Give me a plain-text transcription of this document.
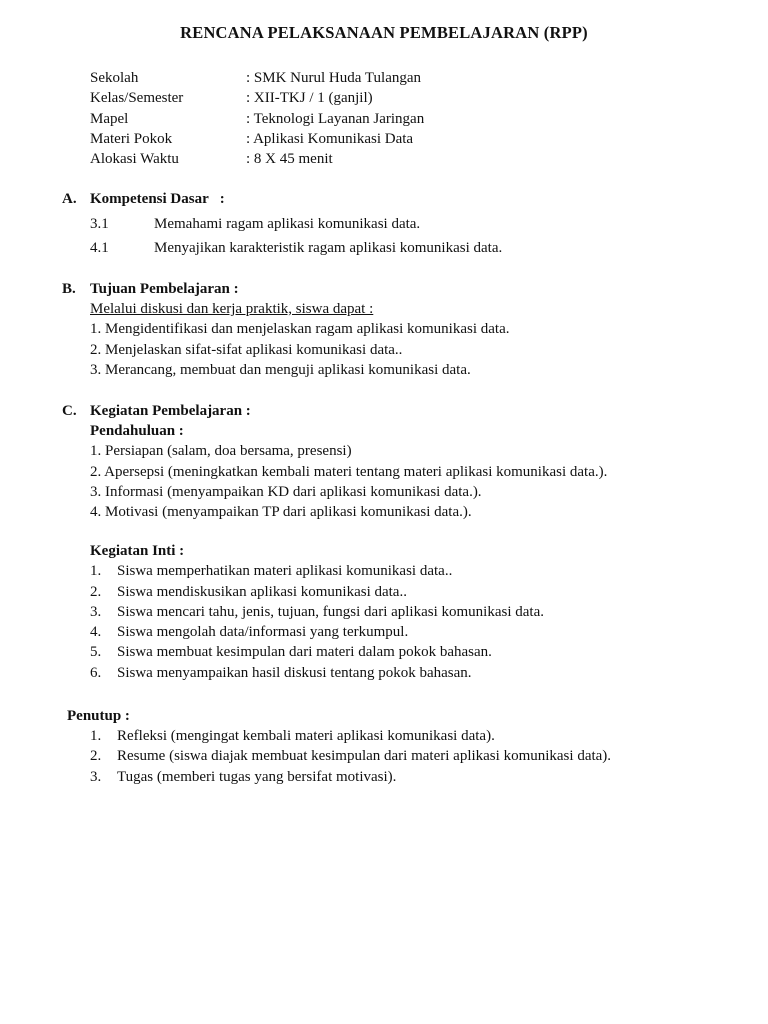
RENCANA PELAKSANAAN PEMBELAJARAN (RPP)
Sekolah	: SMK Nurul Huda Tulangan
Kelas/Semester	: XII-TKJ / 1 (ganjil)
Mapel	: Teknologi Layanan Jaringan
Materi Pokok	: Aplikasi Komunikasi Data
Alokasi Waktu	: 8 X 45 menit
A. Kompetensi Dasar   :
3.1	Memahami ragam aplikasi komunikasi data.
4.1	Menyajikan karakteristik ragam aplikasi komunikasi data.
B. Tujuan Pembelajaran :
Melalui diskusi dan kerja praktik, siswa dapat :
1. Mengidentifikasi dan menjelaskan ragam aplikasi komunikasi data.
2. Menjelaskan sifat-sifat aplikasi komunikasi data..
3. Merancang, membuat dan menguji aplikasi komunikasi data.
C. Kegiatan Pembelajaran :
Pendahuluan :
1. Persiapan (salam, doa bersama, presensi)
2. Apersepsi (meningkatkan kembali materi tentang materi aplikasi komunikasi data.).
3. Informasi (menyampaikan KD dari aplikasi komunikasi data.).
4. Motivasi (menyampaikan TP dari aplikasi komunikasi data.).
Kegiatan Inti :
1. Siswa memperhatikan materi aplikasi komunikasi data..
2. Siswa mendiskusikan aplikasi komunikasi data..
3. Siswa mencari tahu, jenis, tujuan, fungsi dari aplikasi komunikasi data.
4. Siswa mengolah data/informasi yang terkumpul.
5. Siswa membuat kesimpulan dari materi dalam pokok bahasan.
6. Siswa menyampaikan hasil diskusi tentang pokok bahasan.
Penutup :
1. Refleksi (mengingat kembali materi aplikasi komunikasi data).
2. Resume (siswa diajak membuat kesimpulan dari materi aplikasi komunikasi data).
3. Tugas (memberi tugas yang bersifat motivasi).
